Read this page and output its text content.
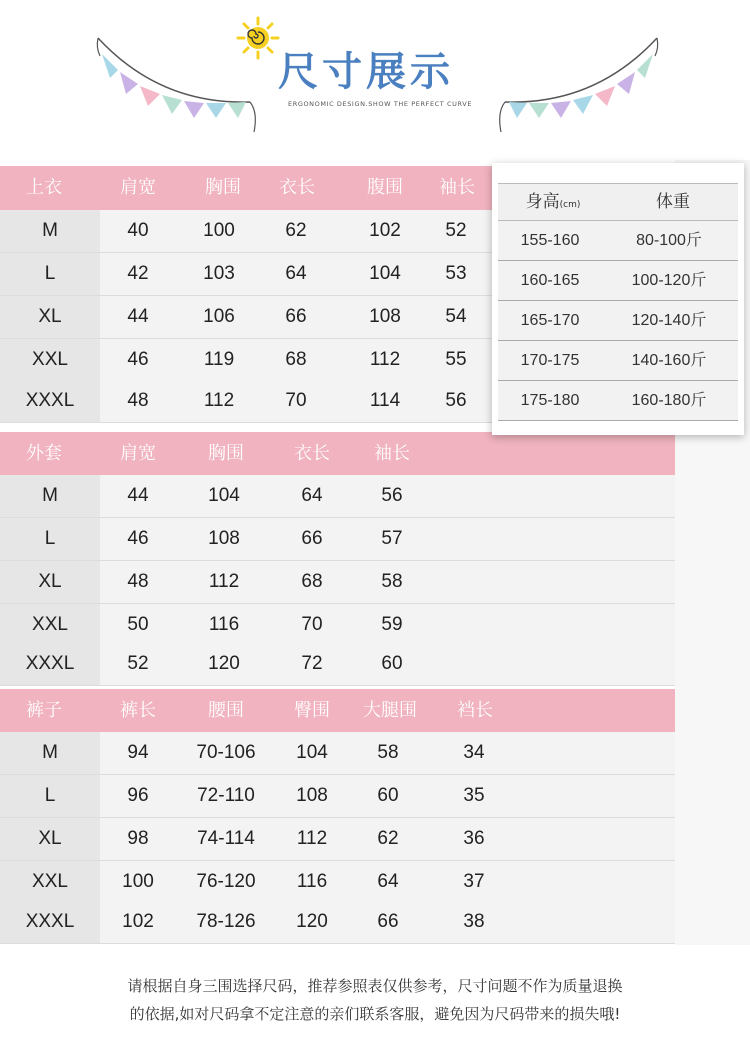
尺寸展示
ERGONOMIC DESIGN.SHOW THE PERFECT CURVE
上衣	肩宽	胸围	衣长	腹围	袖长
M	40	100	62	102	52
L	42	103	64	104	53
XL	44	106	66	108	54
XXL	46	119	68	112	55
XXXL	48	112	70	114	56
外套	肩宽	胸围	衣长	袖长
M	44	104	64	56
L	46	108	66	57
XL	48	112	68	58
XXL	50	116	70	59
XXXL	52	120	72	60
裤子	裤长	腰围	臀围	大腿围	裆长
M	94	70-106	104	58	34
L	96	72-110	108	60	35
XL	98	74-114	112	62	36
XXL	100	76-120	116	64	37
XXXL	102	78-126	120	66	38
身高(cm)	体重
155-160	80-100斤
160-165	100-120斤
165-170	120-140斤
170-175	140-160斤
175-180	160-180斤
请根据自身三围选择尺码，推荐参照表仅供参考，尺寸问题不作为质量退换
的依据,如对尺码拿不定注意的亲们联系客服，避免因为尺码带来的损失哦!
